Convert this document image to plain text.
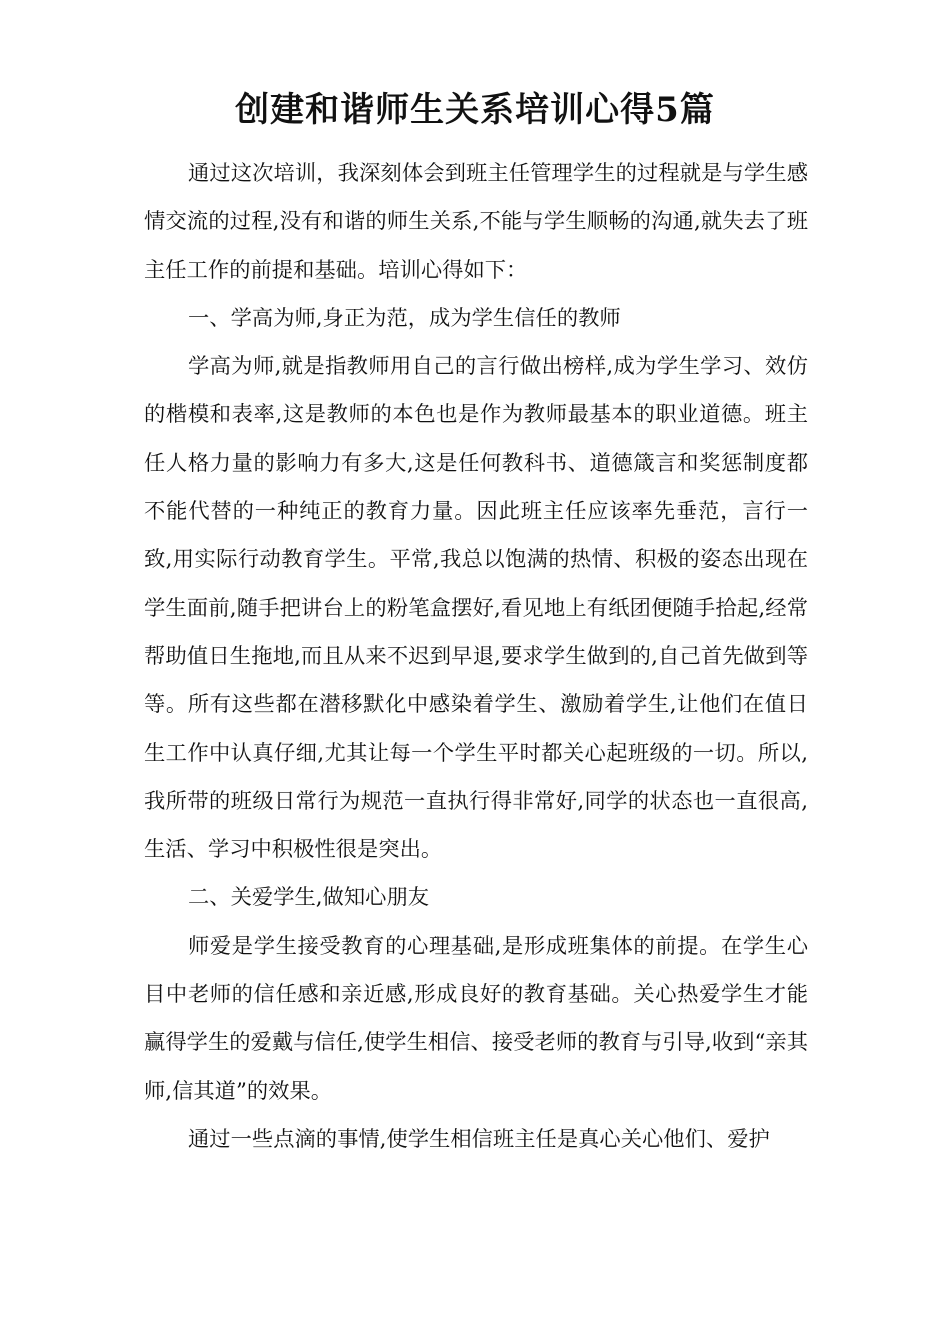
创建和谐师生关系培训心得5篇

通过这次培训，我深刻体会到班主任管理学生的过程就是与学生感情交流的过程,没有和谐的师生关系,不能与学生顺畅的沟通,就失去了班主任工作的前提和基础。培训心得如下：

一、学高为师,身正为范，成为学生信任的教师

学高为师,就是指教师用自己的言行做出榜样,成为学生学习、效仿的楷模和表率,这是教师的本色也是作为教师最基本的职业道德。班主任人格力量的影响力有多大,这是任何教科书、道德箴言和奖惩制度都不能代替的一种纯正的教育力量。因此班主任应该率先垂范，言行一致,用实际行动教育学生。平常,我总以饱满的热情、积极的姿态出现在学生面前,随手把讲台上的粉笔盒摆好,看见地上有纸团便随手拾起,经常帮助值日生拖地,而且从来不迟到早退,要求学生做到的,自己首先做到等等。所有这些都在潜移默化中感染着学生、激励着学生,让他们在值日生工作中认真仔细,尤其让每一个学生平时都关心起班级的一切。所以,我所带的班级日常行为规范一直执行得非常好,同学的状态也一直很高,生活、学习中积极性很是突出。

二、关爱学生,做知心朋友

师爱是学生接受教育的心理基础,是形成班集体的前提。在学生心目中老师的信任感和亲近感,形成良好的教育基础。关心热爱学生才能赢得学生的爱戴与信任,使学生相信、接受老师的教育与引导,收到“亲其师,信其道”的效果。

通过一些点滴的事情,使学生相信班主任是真心关心他们、爱护
